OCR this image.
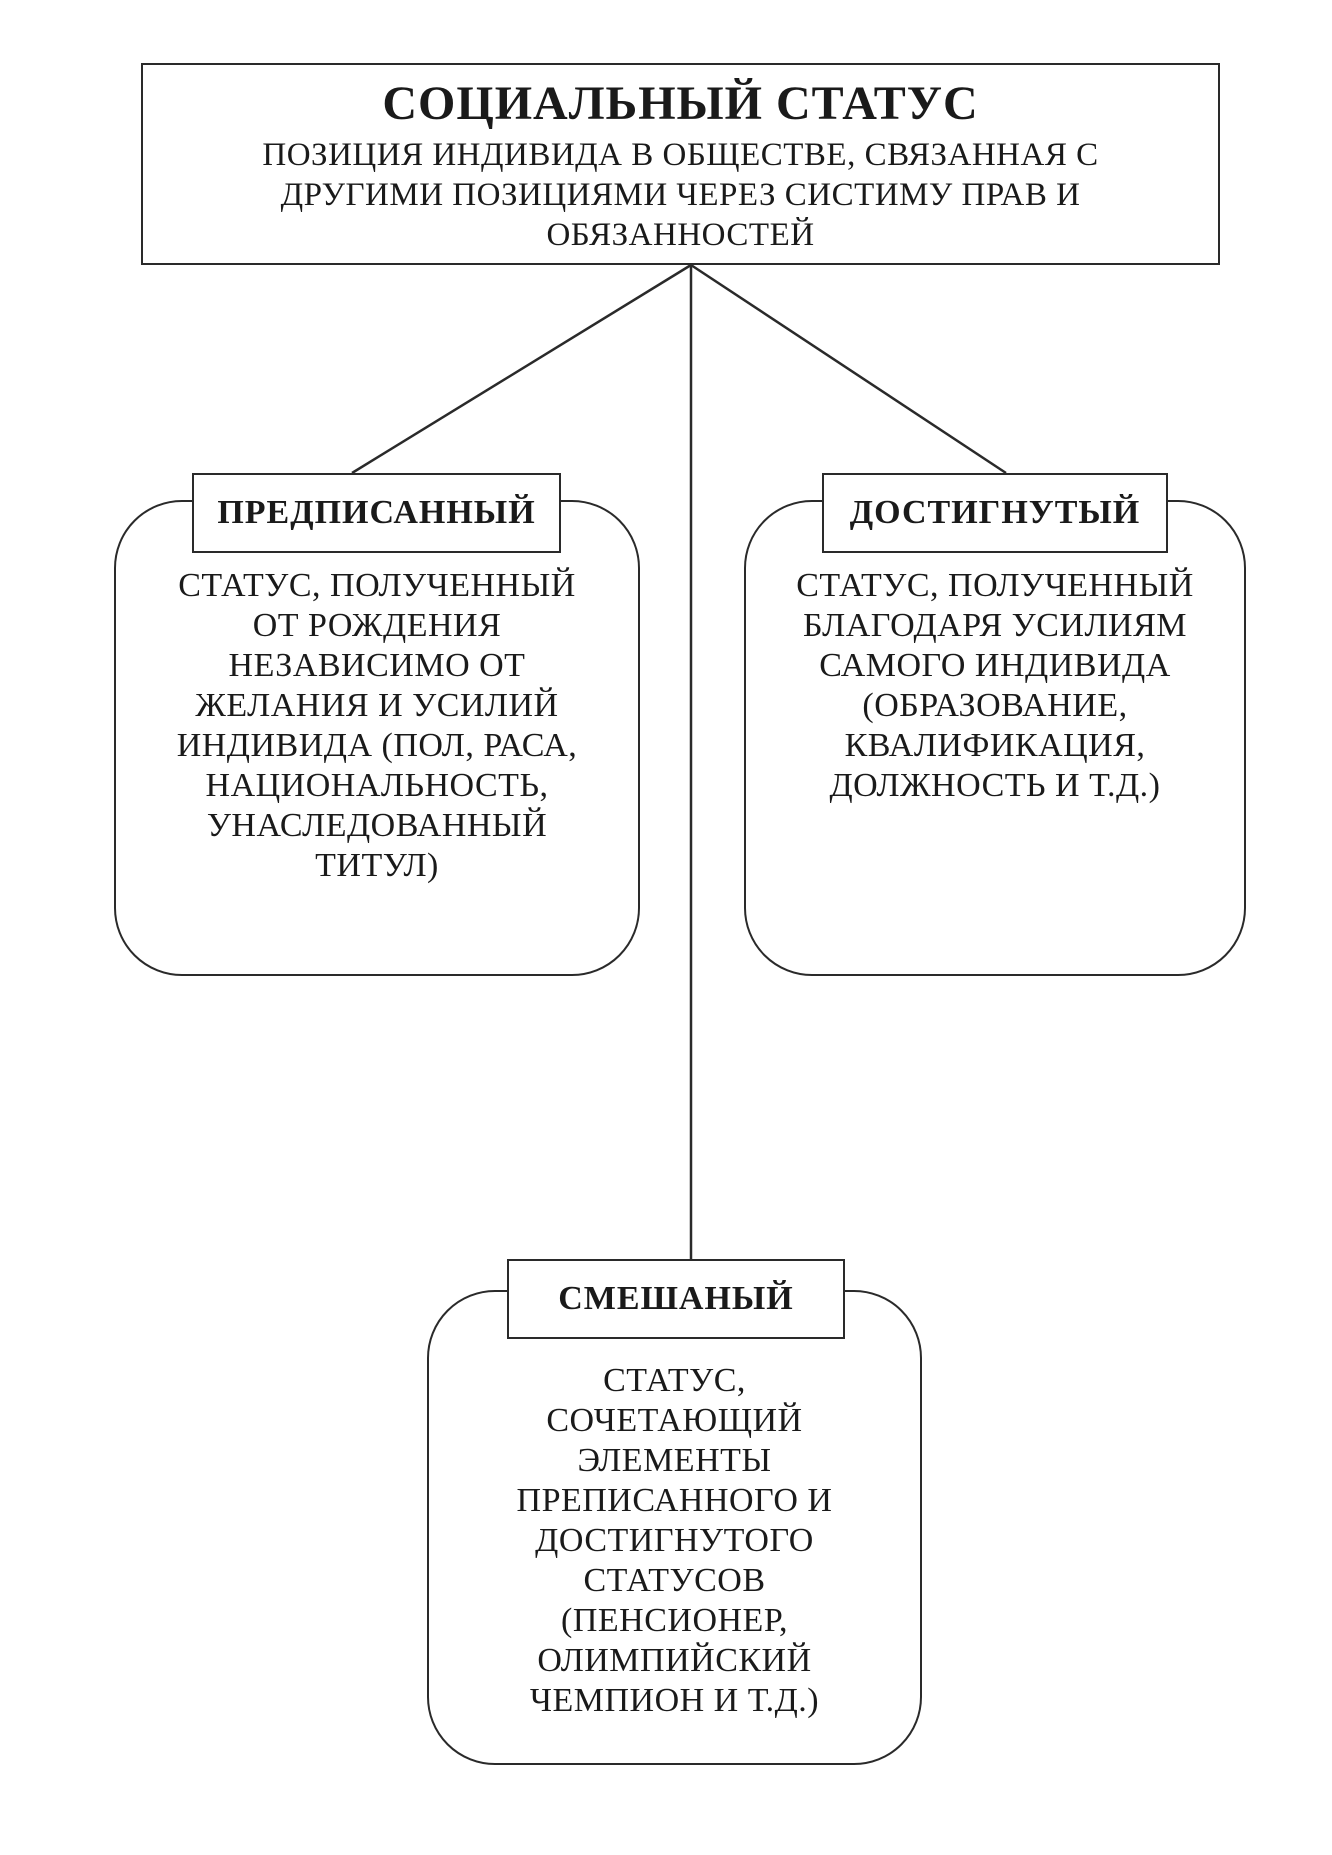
СОЦИАЛЬНЫЙ СТАТУС
ПОЗИЦИЯ ИНДИВИДА В ОБЩЕСТВЕ, СВЯЗАННАЯ С ДРУГИМИ ПОЗИЦИЯМИ ЧЕРЕЗ СИСТИМУ ПРАВ И ОБЯЗАННОСТЕЙ
ПРЕДПИСАННЫЙ
СТАТУС, ПОЛУЧЕННЫЙ
ОТ РОЖДЕНИЯ
НЕЗАВИСИМО ОТ
ЖЕЛАНИЯ И УСИЛИЙ
ИНДИВИДА (ПОЛ, РАСА,
НАЦИОНАЛЬНОСТЬ,
УНАСЛЕДОВАННЫЙ
ТИТУЛ)
ДОСТИГНУТЫЙ
СТАТУС, ПОЛУЧЕННЫЙ
БЛАГОДАРЯ УСИЛИЯМ
САМОГО ИНДИВИДА
(ОБРАЗОВАНИЕ,
КВАЛИФИКАЦИЯ,
ДОЛЖНОСТЬ И Т.Д.)
СМЕШАНЫЙ
СТАТУС,
СОЧЕТАЮЩИЙ
ЭЛЕМЕНТЫ
ПРЕПИСАННОГО И
ДОСТИГНУТОГО
СТАТУСОВ
(ПЕНСИОНЕР,
ОЛИМПИЙСКИЙ
ЧЕМПИОН И Т.Д.)
